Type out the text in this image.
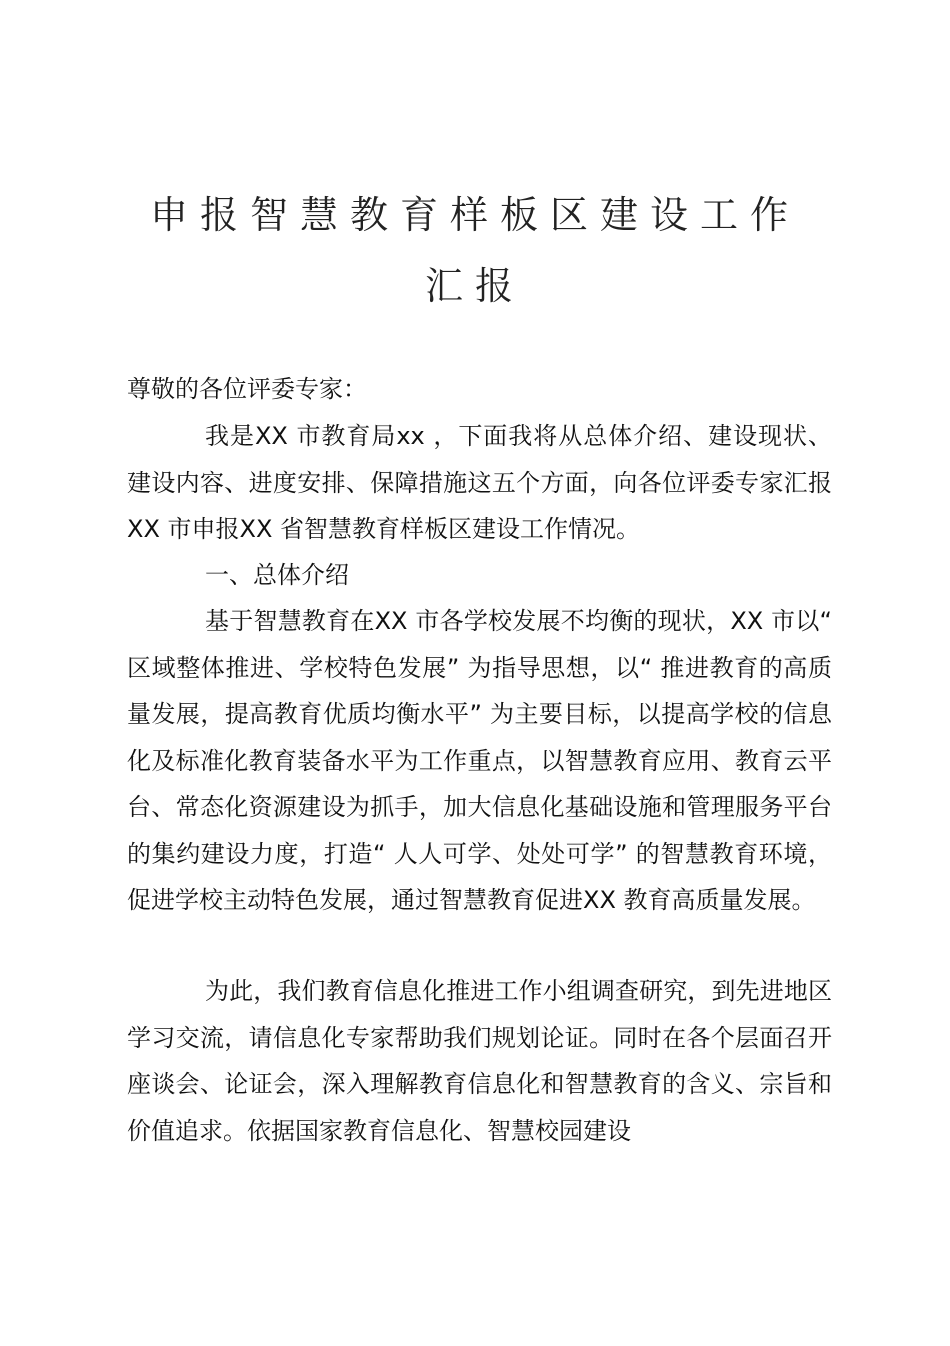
申报智慧教育样板区建设工作
汇报

尊敬的各位评委专家：

我是XX 市教育局xx ，下面我将从总体介绍、建设现状、建设内容、进度安排、保障措施这五个方面，向各位评委专家汇报XX 市申报XX 省智慧教育样板区建设工作情况。

一、总体介绍

基于智慧教育在XX 市各学校发展不均衡的现状，XX 市以“ 区域整体推进、学校特色发展” 为指导思想，以“ 推进教育的高质量发展，提高教育优质均衡水平” 为主要目标，以提高学校的信息化及标准化教育装备水平为工作重点，以智慧教育应用、教育云平台、常态化资源建设为抓手，加大信息化基础设施和管理服务平台的集约建设力度，打造“ 人人可学、处处可学” 的智慧教育环境，促进学校主动特色发展，通过智慧教育促进XX 教育高质量发展。

为此，我们教育信息化推进工作小组调查研究，到先进地区学习交流，请信息化专家帮助我们规划论证。同时在各个层面召开座谈会、论证会，深入理解教育信息化和智慧教育的含义、宗旨和价值追求。依据国家教育信息化、智慧校园建设
